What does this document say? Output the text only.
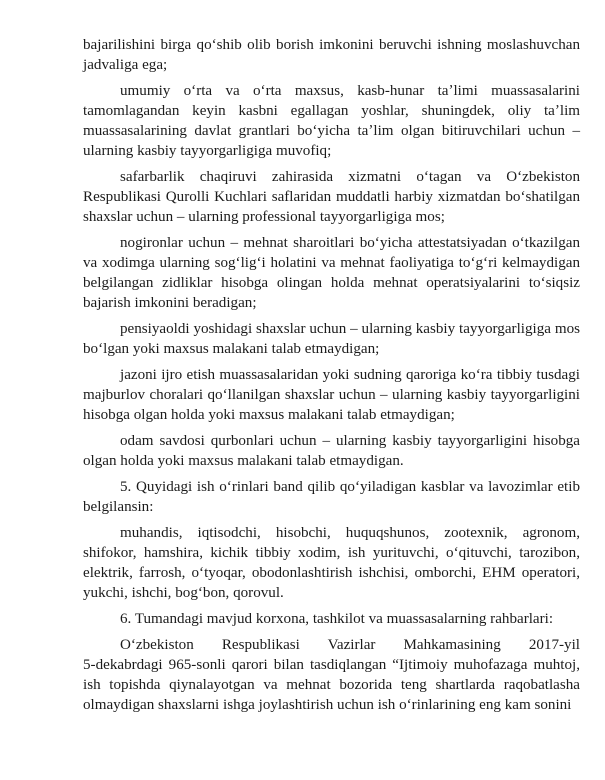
bajarilishini birga qoʻshib olib borish imkonini beruvchi ishning moslashuvchan jadvaliga ega;

umumiy oʻrta va oʻrta maxsus, kasb-hunar taʼlimi muassasalarini tamomlagandan keyin kasbni egallagan yoshlar, shuningdek, oliy taʼlim muassasalarining davlat grantlari boʻyicha taʼlim olgan bitiruvchilari uchun – ularning kasbiy tayyorgarligiga muvofiq;

safarbarlik chaqiruvi zahirasida xizmatni oʻtagan va Oʻzbekiston Respublikasi Qurolli Kuchlari saflaridan muddatli harbiy xizmatdan boʻshatilgan shaxslar uchun – ularning professional tayyorgarligiga mos;

nogironlar uchun – mehnat sharoitlari boʻyicha attestatsiyadan oʻtkazilgan va xodimga ularning sogʻligʻi holatini va mehnat faoliyatiga toʻgʻri kelmaydigan belgilangan zidliklar hisobga olingan holda mehnat operatsiyalarini toʻsiqsiz bajarish imkonini beradigan;

pensiyaoldi yoshidagi shaxslar uchun – ularning kasbiy tayyorgarligiga mos boʻlgan yoki maxsus malakani talab etmaydigan;

jazoni ijro etish muassasalaridan yoki sudning qaroriga koʻra tibbiy tusdagi majburlov choralari qoʻllanilgan shaxslar uchun – ularning kasbiy tayyorgarligini hisobga olgan holda yoki maxsus malakani talab etmaydigan;

odam savdosi qurbonlari uchun – ularning kasbiy tayyorgarligini hisobga olgan holda yoki maxsus malakani talab etmaydigan.

5. Quyidagi ish oʻrinlari band qilib qoʻyiladigan kasblar va lavozimlar etib belgilansin:

muhandis, iqtisodchi, hisobchi, huquqshunos, zootexnik, agronom, shifokor, hamshira, kichik tibbiy xodim, ish yurituvchi, oʻqituvchi, tarozibon, elektrik, farrosh, oʻtyoqar, obodonlashtirish ishchisi, omborchi, EHM operatori, yukchi, ishchi, bogʻbon, qorovul.

6. Tumandagi mavjud korxona, tashkilot va muassasalarning rahbarlari:

Oʻzbekiston Respublikasi Vazirlar Mahkamasining 2017-yil
5-dekabrdagi 965-sonli qarori bilan tasdiqlangan “Ijtimoiy muhofazaga muhtoj, ish topishda qiynalayotgan va mehnat bozorida teng shartlarda raqobatlasha olmaydigan shaxslarni ishga joylashtirish uchun ish oʻrinlarining eng kam sonini
